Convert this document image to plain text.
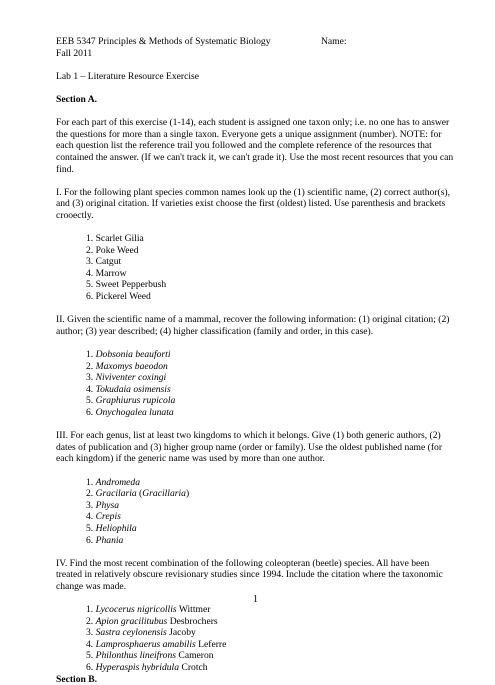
EEB 5347 Principles & Methods of Systematic Biology	Name:
Fall 2011
Lab 1 – Literature Resource Exercise
Section A.

For each part of this exercise (1-14), each student is assigned one taxon only; i.e. no one has to answer the questions for more than a single taxon. Everyone gets a unique assignment (number). NOTE: for each question list the reference trail you followed and the complete reference of the resources that contained the answer. (If we can't track it, we can't grade it). Use the most recent resources that you can find.

I. For the following plant species common names look up the (1) scientific name, (2) correct author(s), and (3) original citation. If varieties exist choose the first (oldest) listed. Use parenthesis and brackets crooectly.

1. Scarlet Gilia
2. Poke Weed
3. Catgut
4. Marrow
5. Sweet Pepperbush
6. Pickerel Weed

II. Given the scientific name of a mammal, recover the following information: (1) original citation; (2) author; (3) year described; (4) higher classification (family and order, in this case).

1. Dobsonia beauforti
2. Maxomys baeodon
3. Niviventer coxingi
4. Tokudaia osimensis
5. Graphiurus rupicola
6. Onychogalea lunata

III. For each genus, list at least two kingdoms to which it belongs. Give (1) both generic authors, (2) dates of publication and (3) higher group name (order or family). Use the oldest published name (for each kingdom) if the generic name was used by more than one author.

1. Andromeda
2. Gracilaria (Gracillaria)
3. Physa
4. Crepis
5. Heliophila
6. Phania

IV. Find the most recent combination of the following coleopteran (beetle) species. All have been treated in relatively obscure revisionary studies since 1994. Include the citation where the taxonomic change was made.

1. Lycocerus nigricollis Wittmer
2. Apion gracilitubus Desbrochers
3. Sastra ceylonensis Jacoby
4. Lamprosphaerus amabilis Leferre
5. Philonthus lineifrons Cameron
6. Hyperaspis hybridula Crotch
Section B.
1
